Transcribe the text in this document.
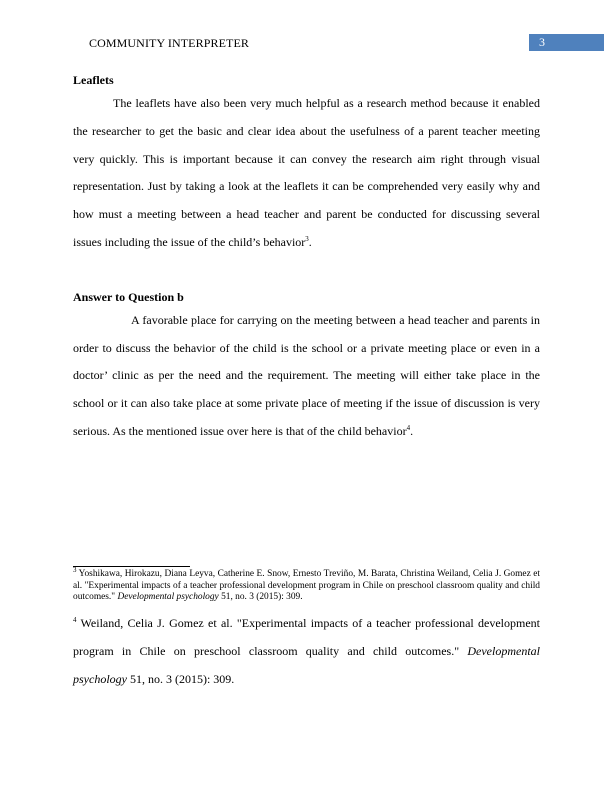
COMMUNITY INTERPRETER	3

Leaflets

The leaflets have also been very much helpful as a research method because it enabled the researcher to get the basic and clear idea about the usefulness of a parent teacher meeting very quickly. This is important because it can convey the research aim right through visual representation. Just by taking a look at the leaflets it can be comprehended very easily why and how must a meeting between a head teacher and parent be conducted for discussing several issues including the issue of the child’s behavior$^3$.

Answer to Question b

A favorable place for carrying on the meeting between a head teacher and parents in order to discuss the behavior of the child is the school or a private meeting place or even in a doctor’ clinic as per the need and the requirement. The meeting will either take place in the school or it can also take place at some private place of meeting if the issue of discussion is very serious. As the mentioned issue over here is that of the child behavior$^4$.

$^3$ Yoshikawa, Hirokazu, Diana Leyva, Catherine E. Snow, Ernesto Treviño, M. Barata, Christina Weiland, Celia J. Gomez et al. "Experimental impacts of a teacher professional development program in Chile on preschool classroom quality and child outcomes." Developmental psychology 51, no. 3 (2015): 309.

$^4$ Weiland, Celia J. Gomez et al. "Experimental impacts of a teacher professional development program in Chile on preschool classroom quality and child outcomes." Developmental psychology 51, no. 3 (2015): 309.
